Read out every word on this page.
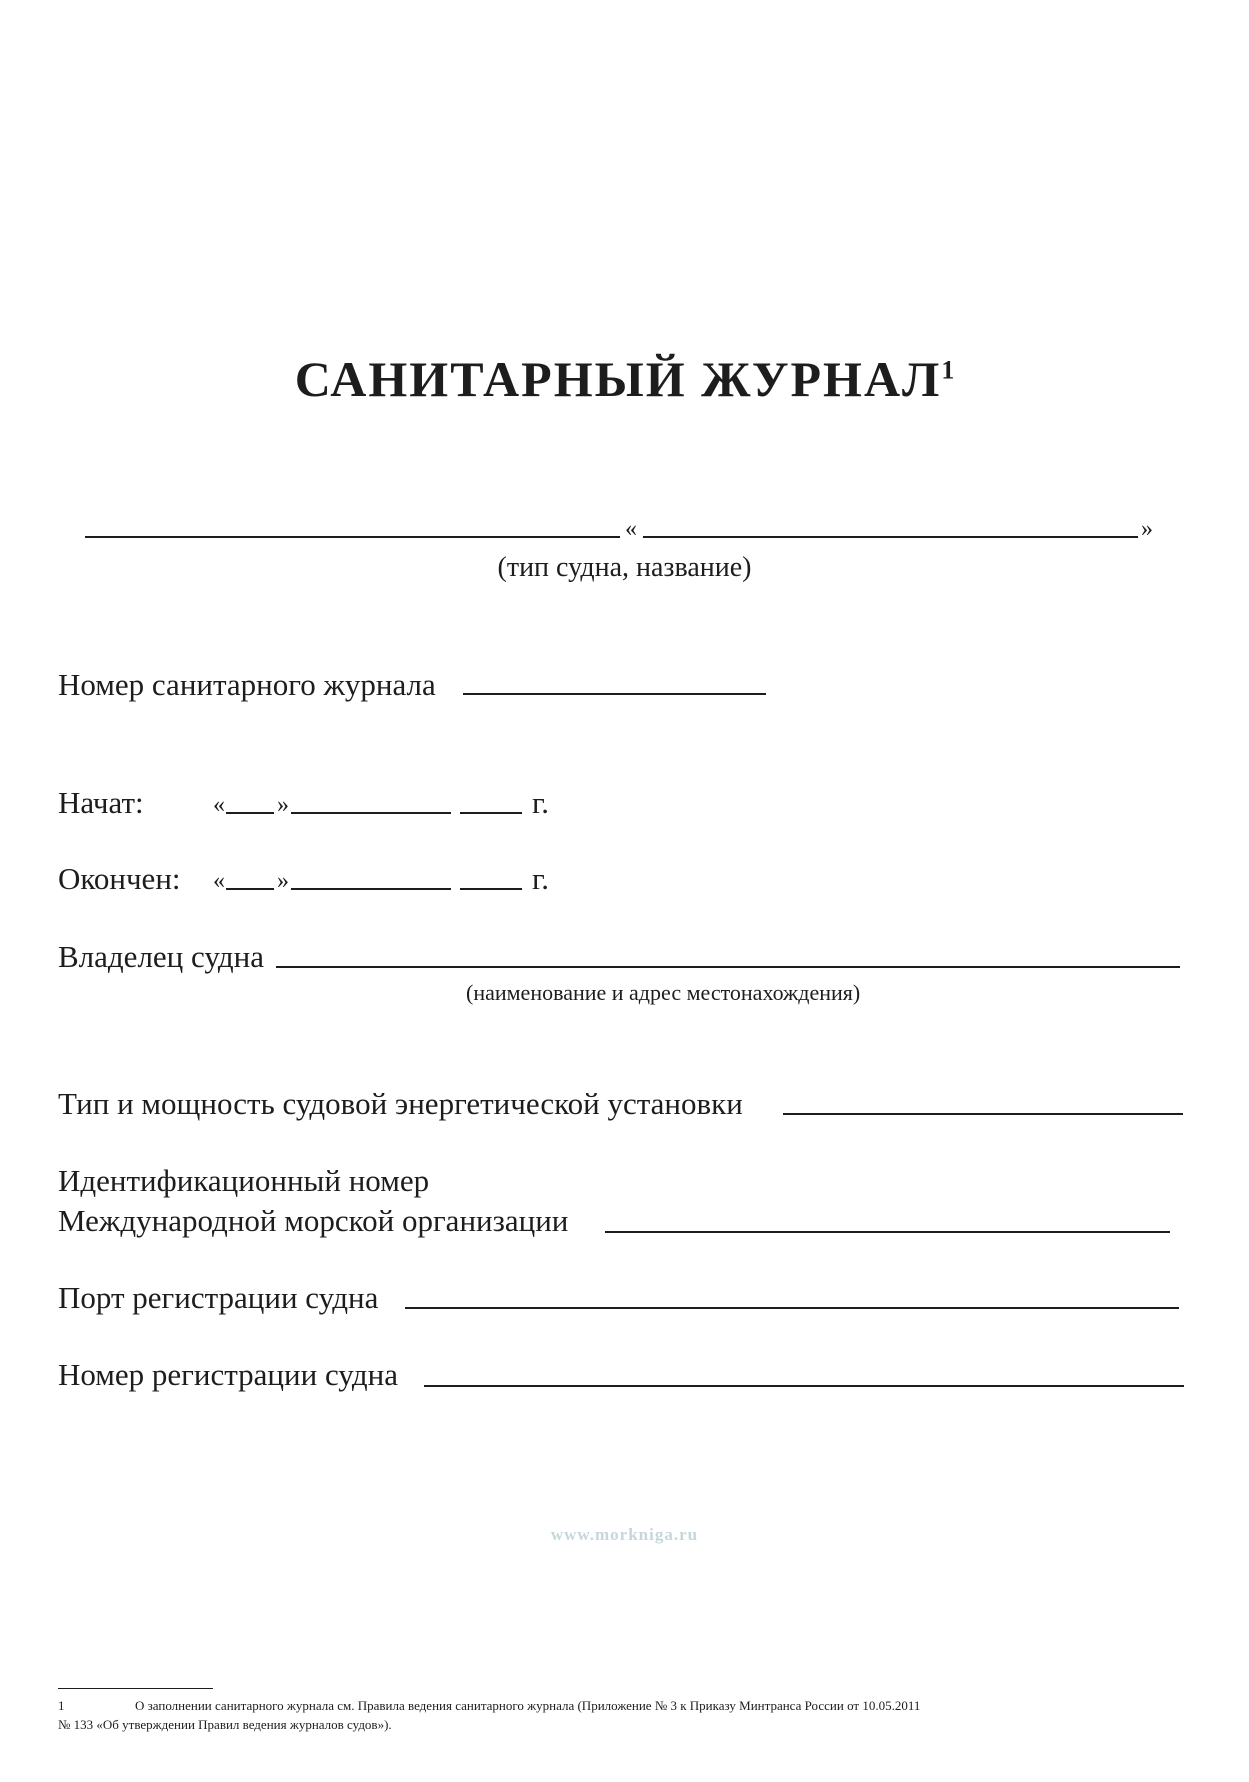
САНИТАРНЫЙ ЖУРНАЛ$^1$
«	»
(тип судна, название)
Номер санитарного журнала
Начат:	« »	г.
Окончен: « »	г.
Владелец судна
(наименование и адрес местонахождения)
Тип и мощность судовой энергетической установки
Идентификационный номер
Международной морской организации
Порт регистрации судна
Номер регистрации судна
www.morkniga.ru
1	О заполнении санитарного журнала см. Правила ведения санитарного журнала (Приложение № 3 к Приказу Минтранса России от 10.05.2011
№ 133 «Об утверждении Правил ведения журналов судов»).
